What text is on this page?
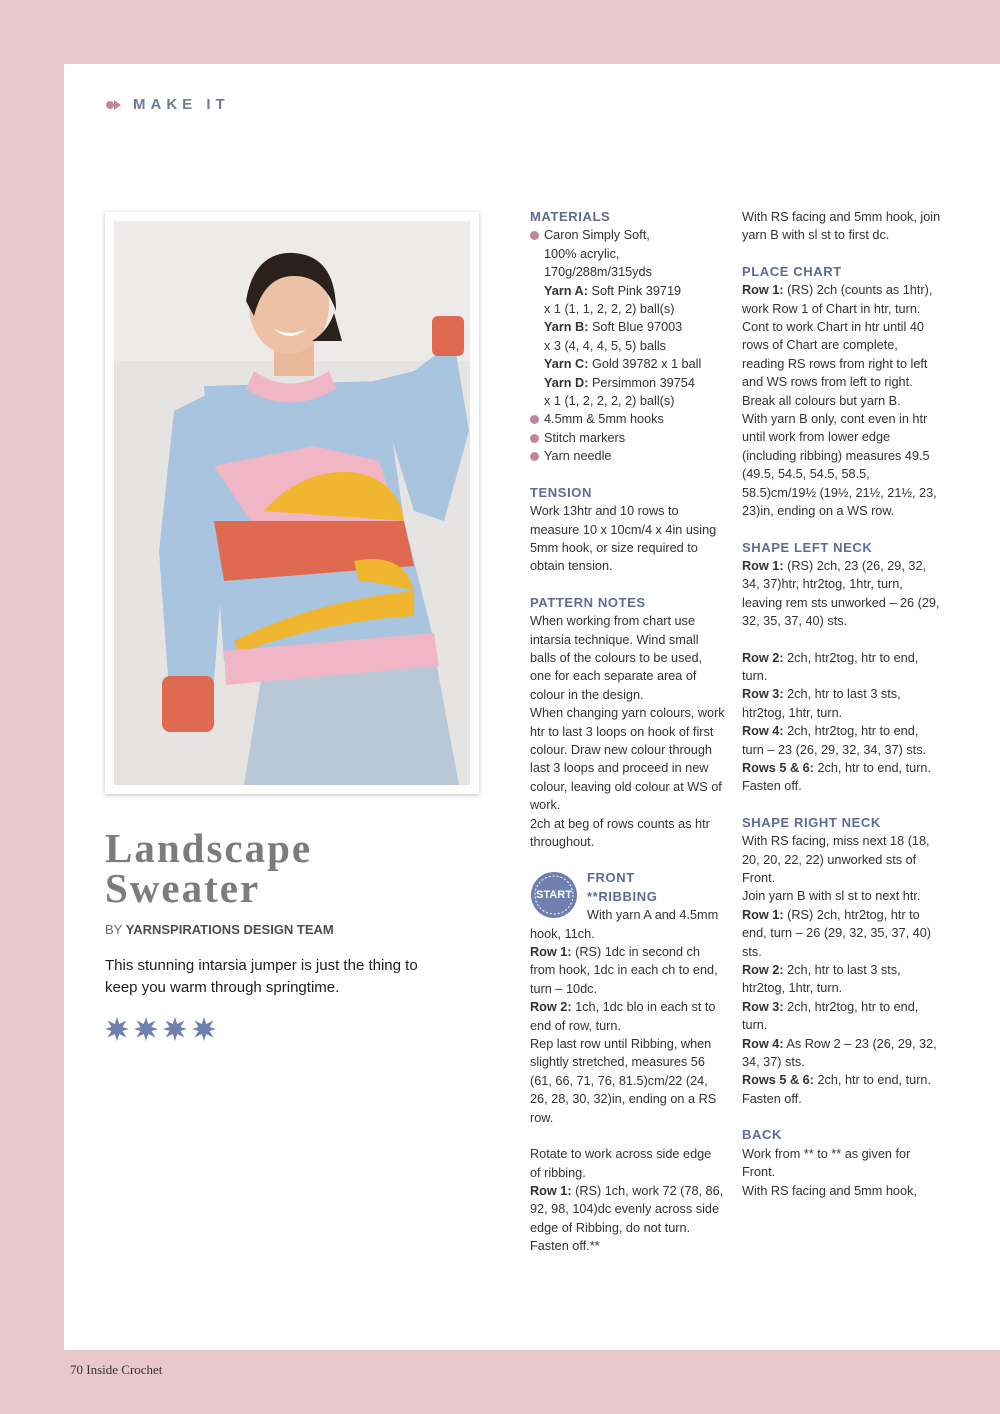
MAKE IT
Landscape
Sweater
BY YARNSPIRATIONS DESIGN TEAM
This stunning intarsia jumper is just the thing to keep you warm through springtime.

MATERIALS

Caron Simply Soft,

100% acrylic,

170g/288m/315yds

Yarn A: Soft Pink 39719

x 1 (1, 1, 2, 2, 2) ball(s)

Yarn B: Soft Blue 97003

x 3 (4, 4, 4, 5, 5) balls

Yarn C: Gold 39782 x 1 ball

Yarn D: Persimmon 39754

x 1 (1, 2, 2, 2, 2) ball(s)

4.5mm & 5mm hooks

Stitch markers

Yarn needle

TENSION

Work 13htr and 10 rows to measure 10 x 10cm/4 x 4in using 5mm hook, or size required to obtain tension.

PATTERN NOTES

When working from chart use intarsia technique. Wind small balls of the colours to be used, one for each separate area of colour in the design.

When changing yarn colours, work htr to last 3 loops on hook of first colour. Draw new colour through last 3 loops and proceed in new colour, leaving old colour at WS of work.

2ch at beg of rows counts as htr throughout.

START

FRONT

**RIBBING

With yarn A and 4.5mm hook, 11ch.

Row 1: (RS) 1dc in second ch from hook, 1dc in each ch to end, turn – 10dc.

Row 2: 1ch, 1dc blo in each st to end of row, turn.

Rep last row until Ribbing, when slightly stretched, measures 56 (61, 66, 71, 76, 81.5)cm/22 (24, 26, 28, 30, 32)in, ending on a RS row.

Rotate to work across side edge of ribbing.

Row 1: (RS) 1ch, work 72 (78, 86, 92, 98, 104)dc evenly across side edge of Ribbing, do not turn.

Fasten off.**

With RS facing and 5mm hook, join yarn B with sl st to first dc.

PLACE CHART

Row 1: (RS) 2ch (counts as 1htr), work Row 1 of Chart in htr, turn.

Cont to work Chart in htr until 40 rows of Chart are complete, reading RS rows from right to left and WS rows from left to right. Break all colours but yarn B.

With yarn B only, cont even in htr until work from lower edge (including ribbing) measures 49.5 (49.5, 54.5, 54.5, 58.5, 58.5)cm/19½ (19½, 21½, 21½, 23, 23)in, ending on a WS row.

SHAPE LEFT NECK

Row 1: (RS) 2ch, 23 (26, 29, 32, 34, 37)htr, htr2tog, 1htr, turn, leaving rem sts unworked – 26 (29, 32, 35, 37, 40) sts.

Row 2: 2ch, htr2tog, htr to end, turn.

Row 3: 2ch, htr to last 3 sts, htr2tog, 1htr, turn.

Row 4: 2ch, htr2tog, htr to end, turn – 23 (26, 29, 32, 34, 37) sts.

Rows 5 & 6: 2ch, htr to end, turn.

Fasten off.

SHAPE RIGHT NECK

With RS facing, miss next 18 (18, 20, 20, 22, 22) unworked sts of Front.

Join yarn B with sl st to next htr.

Row 1: (RS) 2ch, htr2tog, htr to end, turn – 26 (29, 32, 35, 37, 40) sts.

Row 2: 2ch, htr to last 3 sts, htr2tog, 1htr, turn.

Row 3: 2ch, htr2tog, htr to end, turn.

Row 4: As Row 2 – 23 (26, 29, 32, 34, 37) sts.

Rows 5 & 6: 2ch, htr to end, turn.

Fasten off.

BACK

Work from ** to ** as given for Front.

With RS facing and 5mm hook,

70 Inside Crochet
